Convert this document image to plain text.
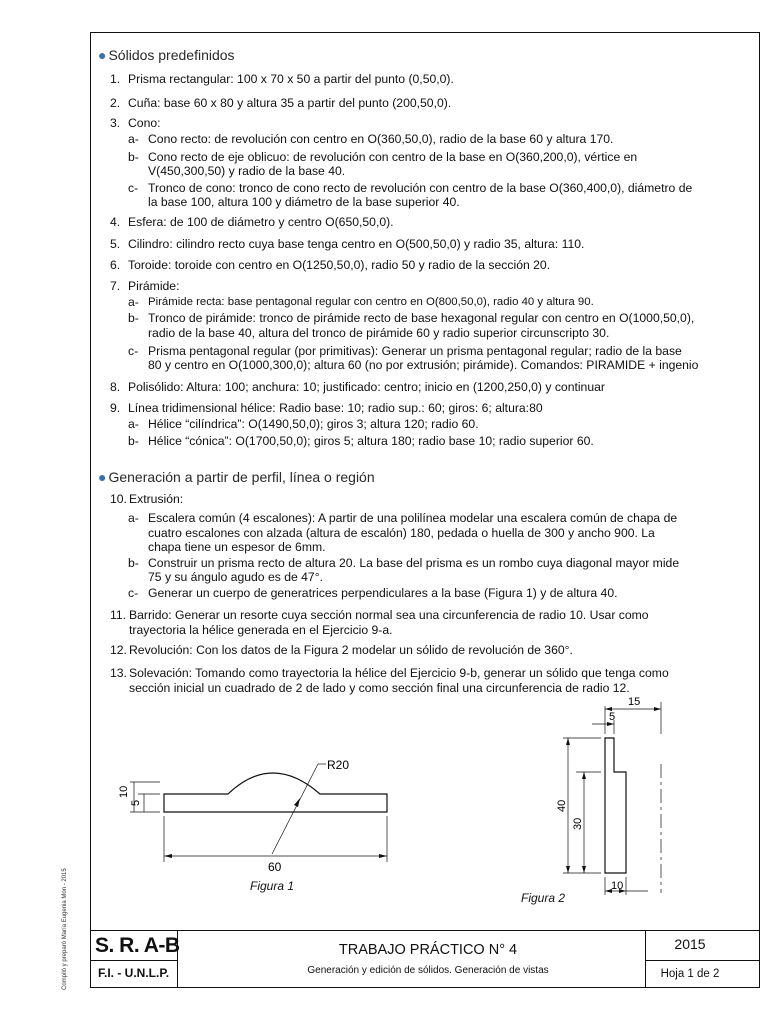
● Sólidos predefinidos
1. Prisma rectangular: 100 x 70 x 50 a partir del punto (0,50,0).
2. Cuña: base 60 x 80 y altura 35 a partir del punto (200,50,0).
3. Cono:
a- Cono recto: de revolución con centro en O(360,50,0), radio de la base 60 y altura 170.
b- Cono recto de eje oblicuo: de revolución con centro de la base en O(360,200,0), vértice en
V(450,300,50) y radio de la base 40.
c- Tronco de cono: tronco de cono recto de revolución con centro de la base O(360,400,0), diámetro de
la base 100, altura 100 y diámetro de la base superior 40.
4. Esfera: de 100 de diámetro y centro O(650,50,0).
5. Cilindro: cilindro recto cuya base tenga centro en O(500,50,0) y radio 35, altura: 110.
6. Toroide: toroide con centro en O(1250,50,0), radio 50 y radio de la sección 20.
7. Pirámide:
a- Pirámide recta: base pentagonal regular con centro en O(800,50,0), radio 40 y altura 90.
b- Tronco de pirámide: tronco de pirámide recto de base hexagonal regular con centro en O(1000,50,0),
radio de la base 40, altura del tronco de pirámide 60 y radio superior circunscripto 30.
c- Prisma pentagonal regular (por primitivas): Generar un prisma pentagonal regular; radio de la base
80 y centro en O(1000,300,0); altura 60 (no por extrusión; pirámide). Comandos: PIRAMIDE + ingenio
8. Polisólido: Altura: 100; anchura: 10; justificado: centro; inicio en (1200,250,0) y continuar
9. Línea tridimensional hélice: Radio base: 10; radio sup.: 60; giros: 6; altura:80
a- Hélice “cilíndrica”: O(1490,50,0); giros 3; altura 120; radio 60.
b- Hélice “cónica”: O(1700,50,0); giros 5; altura 180; radio base 10; radio superior 60.
● Generación a partir de perfil, línea o región
10. Extrusión:
a- Escalera común (4 escalones): A partir de una polilínea modelar una escalera común de chapa de
cuatro escalones con alzada (altura de escalón) 180, pedada o huella de 300 y ancho 900. La
chapa tiene un espesor de 6mm.
b- Construir un prisma recto de altura 20. La base del prisma es un rombo cuya diagonal mayor mide
75 y su ángulo agudo es de 47°.
c- Generar un cuerpo de generatrices perpendiculares a la base (Figura 1) y de altura 40.
11. Barrido: Generar un resorte cuya sección normal sea una circunferencia de radio 10. Usar como
trayectoria la hélice generada en el Ejercicio 9-a.
12. Revolución: Con los datos de la Figura 2 modelar un sólido de revolución de 360°.
13. Solevación: Tomando como trayectoria la hélice del Ejercicio 9-b, generar un sólido que tenga como
sección inicial un cuadrado de 2 de lado y como sección final una circunferencia de radio 12.
R20
10
5
60
Figura 1
15
5
40
30
10
Figura 2
S. R. A-B
F.I. - U.N.L.P.
TRABAJO PRÁCTICO N° 4
Generación y edición de sólidos. Generación de vistas
2015
Hoja 1 de 2
Compiló y preparó María Eugenia Mon - 2015
